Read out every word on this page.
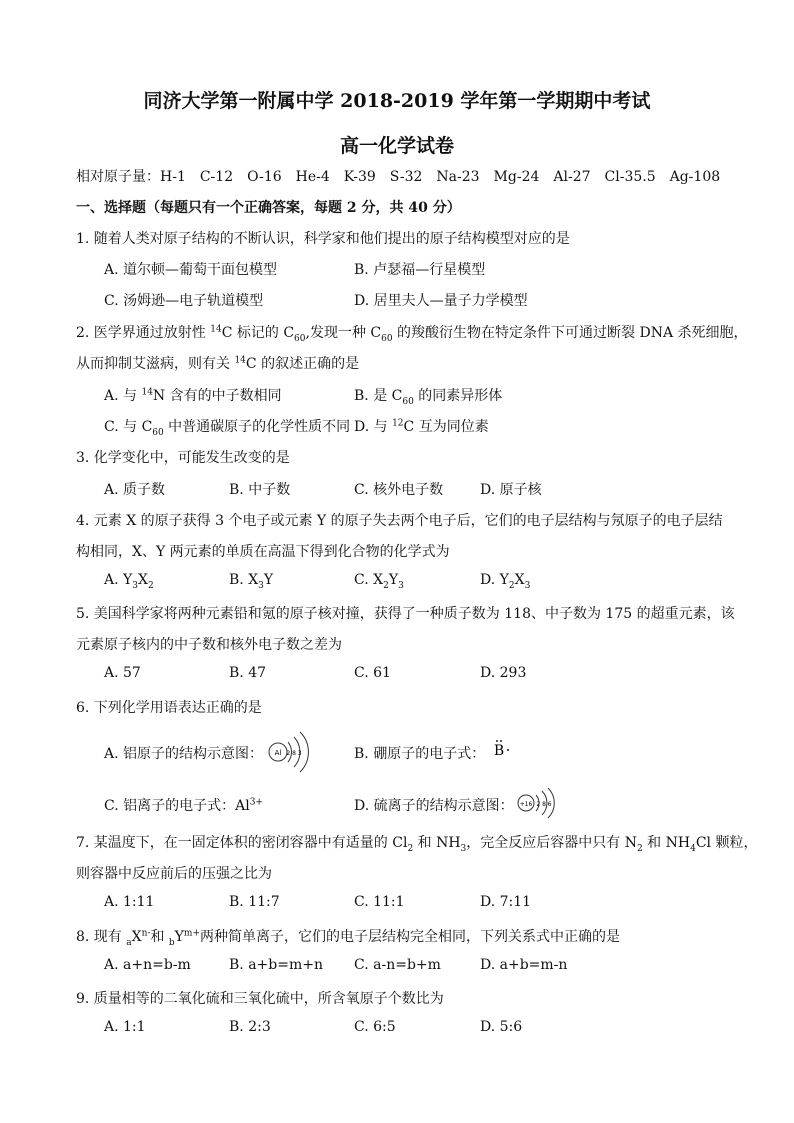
同济大学第一附属中学 2018-2019 学年第一学期期中考试
高一化学试卷
相对原子量：H-1　C-12　O-16　He-4　K-39　S-32　Na-23　Mg-24　Al-27　Cl-35.5　Ag-108
一、选择题（每题只有一个正确答案，每题 2 分，共 40 分）
1. 随着人类对原子结构的不断认识，科学家和他们提出的原子结构模型对应的是
A. 道尔顿—葡萄干面包模型	B. 卢瑟福—行星模型
C. 汤姆逊—电子轨道模型	D. 居里夫人—量子力学模型
2. 医学界通过放射性 $^{14}$C 标记的 $C_{60}$,发现一种 $C_{60}$ 的羧酸衍生物在特定条件下可通过断裂 DNA 杀死细胞，
从而抑制艾滋病，则有关 $^{14}$C 的叙述正确的是
A. 与 $^{14}$N 含有的中子数相同	B. 是 $C_{60}$ 的同素异形体
C. 与 $C_{60}$ 中普通碳原子的化学性质不同 D. 与 $^{12}$C 互为同位素
3. 化学变化中，可能发生改变的是
A. 质子数	B. 中子数	C. 核外电子数	D. 原子核
4. 元素 X 的原子获得 3 个电子或元素 Y 的原子失去两个电子后，它们的电子层结构与氖原子的电子层结
构相同，X、Y 两元素的单质在高温下得到化合物的化学式为
A. $Y_3X_2$	B. $X_3Y$	C. $X_2Y_3$	D. $Y_2X_3$
5. 美国科学家将两种元素铅和氪的原子核对撞，获得了一种质子数为 118、中子数为 175 的超重元素，该
元素原子核内的中子数和核外电子数之差为
A. 57	B. 47	C. 61	D. 293
6. 下列化学用语表达正确的是
A. 铝原子的结构示意图： Al 2 8 3	B. 硼原子的电子式： B
C. 铝离子的电子式：$Al^{3+}$	D. 硫离子的结构示意图： +16 2 8 6
7. 某温度下，在一固定体积的密闭容器中有适量的 $Cl_2$ 和 $NH_3$，完全反应后容器中只有 $N_2$ 和 $NH_4Cl$ 颗粒，
则容器中反应前后的压强之比为
A. 1:11	B. 11:7	C. 11:1	D. 7:11
8. 现有 $_aX^{n-}$和 $_bY^{m+}$两种简单离子，它们的电子层结构完全相同，下列关系式中正确的是
A. a+n=b-m	B. a+b=m+n C. a-n=b+m	D. a+b=m-n
9. 质量相等的二氧化硫和三氧化硫中，所含氧原子个数比为
A. 1:1	B. 2:3	C. 6:5	D. 5:6
